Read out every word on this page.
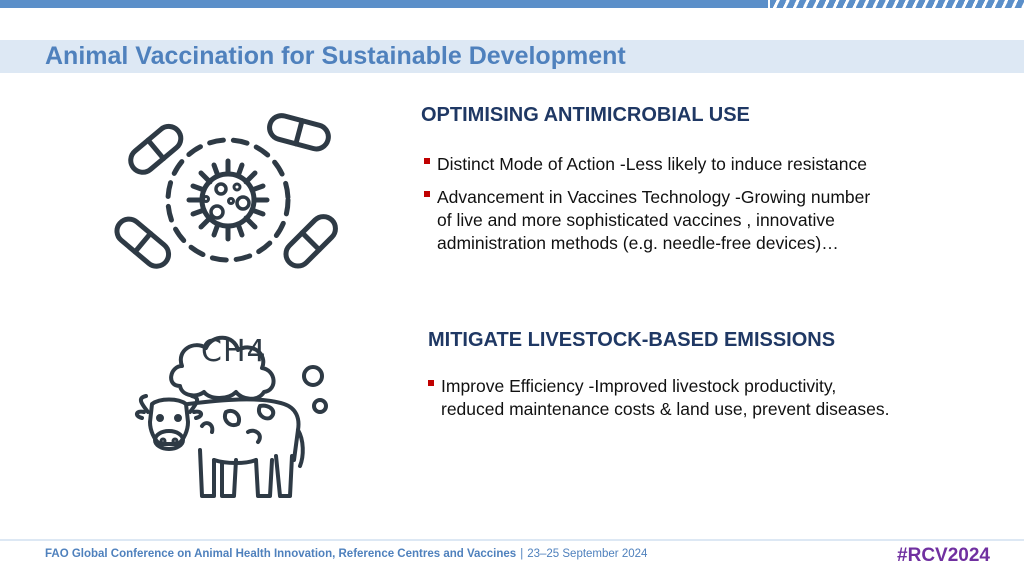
Animal Vaccination for Sustainable Development
CH4
OPTIMISING ANTIMICROBIAL USE
Distinct Mode of Action -Less likely to induce resistance
Advancement in Vaccines Technology -Growing number of live and more sophisticated vaccines , innovative administration methods (e.g. needle-free devices)…
MITIGATE LIVESTOCK-BASED EMISSIONS
Improve Efficiency -Improved livestock productivity, reduced maintenance costs & land use, prevent diseases.
FAO Global Conference on Animal Health Innovation, Reference Centres and Vaccines | 23–25 September 2024	#RCV2024
